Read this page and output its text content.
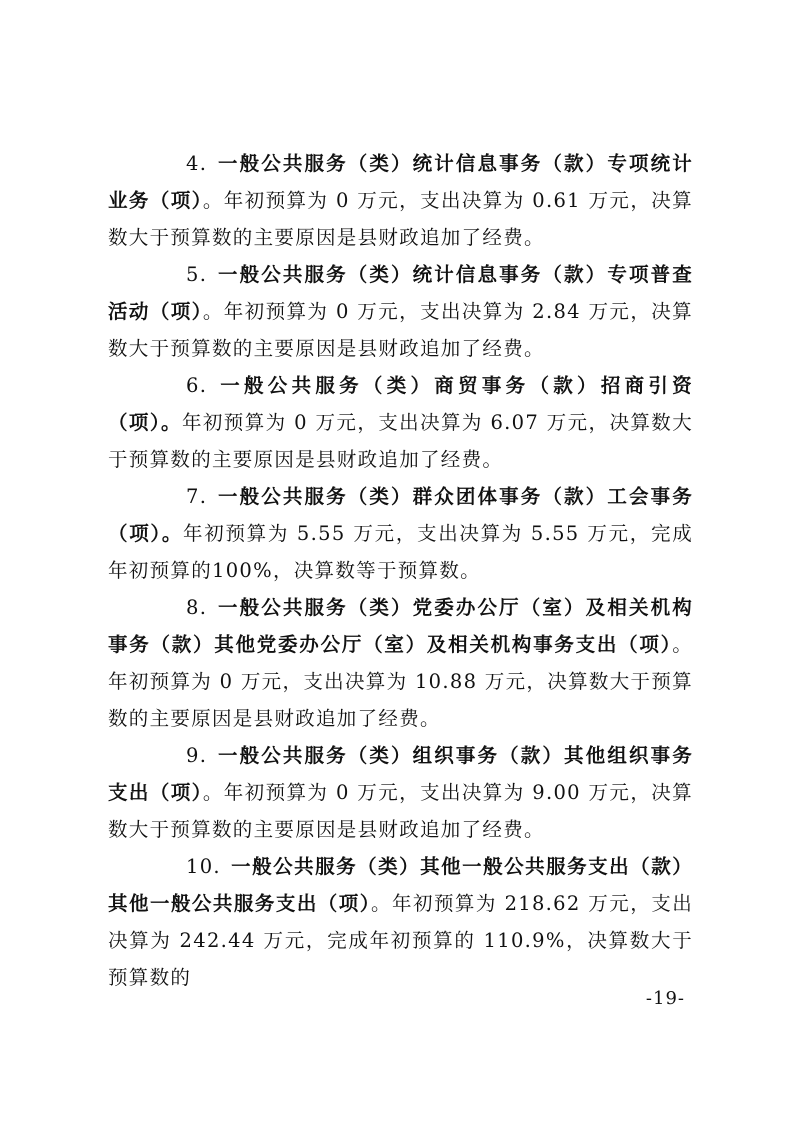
4. 一般公共服务（类）统计信息事务（款）专项统计业务（项）。年初预算为 0 万元，支出决算为 0.61 万元，决算数大于预算数的主要原因是县财政追加了经费。

5. 一般公共服务（类）统计信息事务（款）专项普查活动（项）。年初预算为 0 万元，支出决算为 2.84 万元，决算数大于预算数的主要原因是县财政追加了经费。

6. 一般公共服务（类）商贸事务（款）招商引资（项）。年初预算为 0 万元，支出决算为 6.07 万元，决算数大于预算数的主要原因是县财政追加了经费。

7. 一般公共服务（类）群众团体事务（款）工会事务（项）。年初预算为 5.55 万元，支出决算为 5.55 万元，完成年初预算的100%，决算数等于预算数。

8. 一般公共服务（类）党委办公厅（室）及相关机构事务（款）其他党委办公厅（室）及相关机构事务支出（项）。年初预算为 0 万元，支出决算为 10.88 万元，决算数大于预算数的主要原因是县财政追加了经费。

9. 一般公共服务（类）组织事务（款）其他组织事务支出（项）。年初预算为 0 万元，支出决算为 9.00 万元，决算数大于预算数的主要原因是县财政追加了经费。

10. 一般公共服务（类）其他一般公共服务支出（款）其他一般公共服务支出（项）。年初预算为 218.62 万元，支出决算为 242.44 万元，完成年初预算的 110.9%，决算数大于预算数的

-19-
